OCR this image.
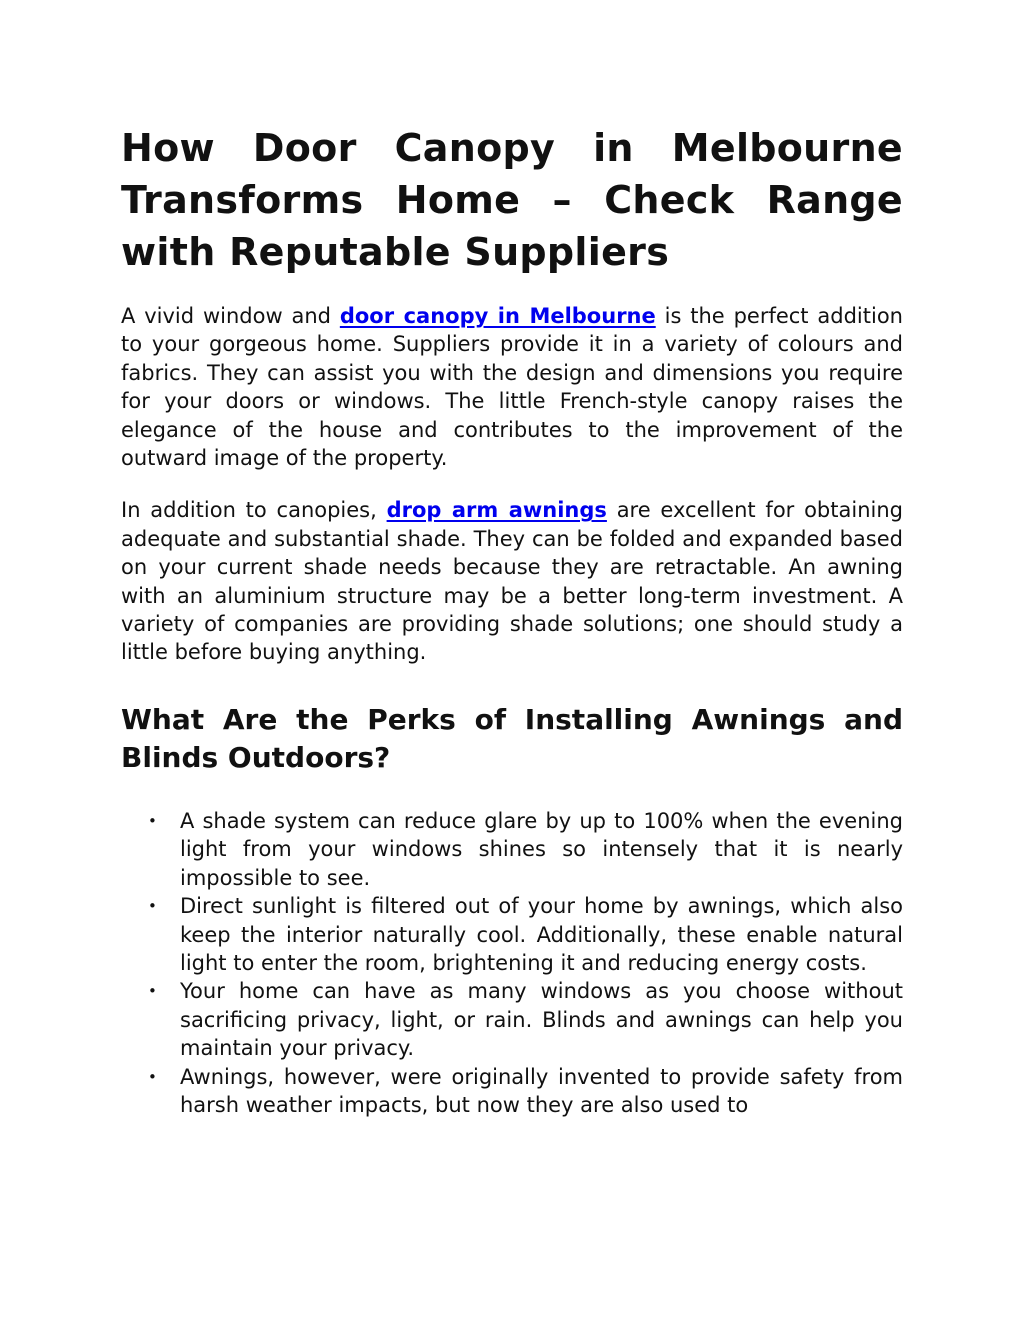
How Door Canopy in Melbourne Transforms Home – Check Range with Reputable Suppliers

A vivid window and door canopy in Melbourne is the perfect addition to your gorgeous home. Suppliers provide it in a variety of colours and fabrics. They can assist you with the design and dimensions you require for your doors or windows. The little French-style canopy raises the elegance of the house and contributes to the improvement of the outward image of the property.

In addition to canopies, drop arm awnings are excellent for obtaining adequate and substantial shade. They can be folded and expanded based on your current shade needs because they are retractable. An awning with an aluminium structure may be a better long-term investment. A variety of companies are providing shade solutions; one should study a little before buying anything.

What Are the Perks of Installing Awnings and Blinds Outdoors?
• A shade system can reduce glare by up to 100% when the evening light from your windows shines so intensely that it is nearly impossible to see.
• Direct sunlight is filtered out of your home by awnings, which also keep the interior naturally cool. Additionally, these enable natural light to enter the room, brightening it and reducing energy costs.
• Your home can have as many windows as you choose without sacrificing privacy, light, or rain. Blinds and awnings can help you maintain your privacy.
• Awnings, however, were originally invented to provide safety from harsh weather impacts, but now they are also used to
